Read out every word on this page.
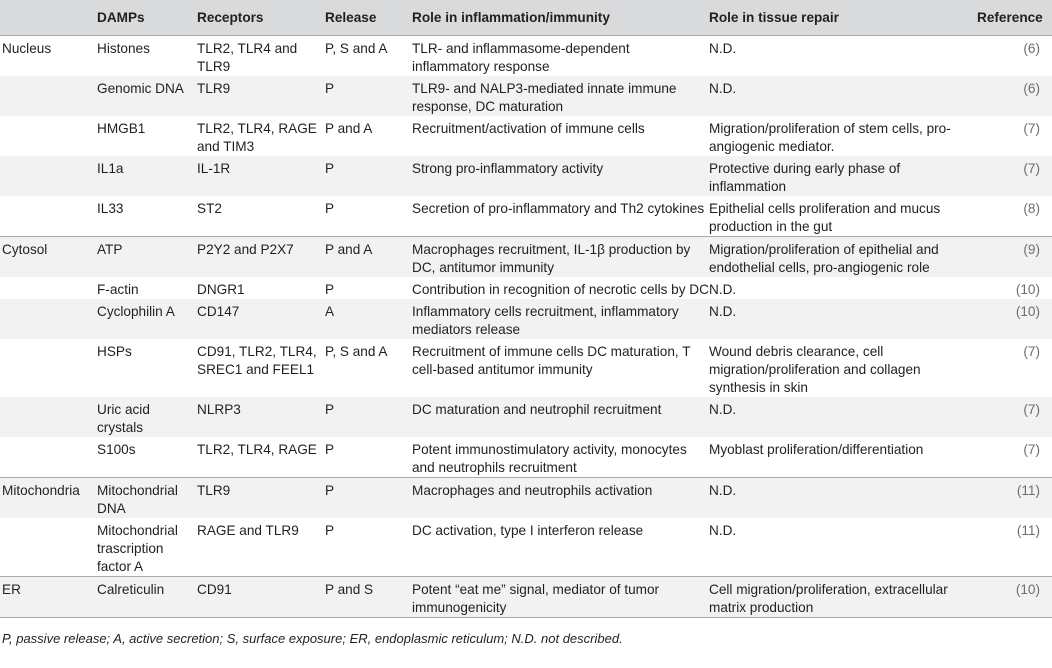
	DAMPs	Receptors	Release	Role in inflammation/immunity	Role in tissue repair	Reference
Nucleus	Histones	TLR2, TLR4 and TLR9	P, S and A	TLR- and inflammasome-dependent inflammatory response	N.D.	(6)
	Genomic DNA	TLR9	P	TLR9- and NALP3-mediated innate immune response, DC maturation	N.D.	(6)
	HMGB1	TLR2, TLR4, RAGE and TIM3	P and A	Recruitment/activation of immune cells	Migration/proliferation of stem cells, pro-angiogenic mediator.	(7)
	IL1a	IL-1R	P	Strong pro-inflammatory activity	Protective during early phase of inflammation	(7)
	IL33	ST2	P	Secretion of pro-inflammatory and Th2 cytokines	Epithelial cells proliferation and mucus production in the gut	(8)
Cytosol	ATP	P2Y2 and P2X7	P and A	Macrophages recruitment, IL-1β production by DC, antitumor immunity	Migration/proliferation of epithelial and endothelial cells, pro-angiogenic role	(9)
	F-actin	DNGR1	P	Contribution in recognition of necrotic cells by DC	N.D.	(10)
	Cyclophilin A	CD147	A	Inflammatory cells recruitment, inflammatory mediators release	N.D.	(10)
	HSPs	CD91, TLR2, TLR4, SREC1 and FEEL1	P, S and A	Recruitment of immune cells DC maturation, T cell-based antitumor immunity	Wound debris clearance, cell migration/proliferation and collagen synthesis in skin	(7)
	Uric acid crystals	NLRP3	P	DC maturation and neutrophil recruitment	N.D.	(7)
	S100s	TLR2, TLR4, RAGE	P	Potent immunostimulatory activity, monocytes and neutrophils recruitment	Myoblast proliferation/differentiation	(7)
Mitochondria	Mitochondrial DNA	TLR9	P	Macrophages and neutrophils activation	N.D.	(11)
	Mitochondrial trascription factor A	RAGE and TLR9	P	DC activation, type I interferon release	N.D.	(11)
ER	Calreticulin	CD91	P and S	Potent “eat me” signal, mediator of tumor immunogenicity	Cell migration/proliferation, extracellular matrix production	(10)
P, passive release; A, active secretion; S, surface exposure; ER, endoplasmic reticulum; N.D. not described.
